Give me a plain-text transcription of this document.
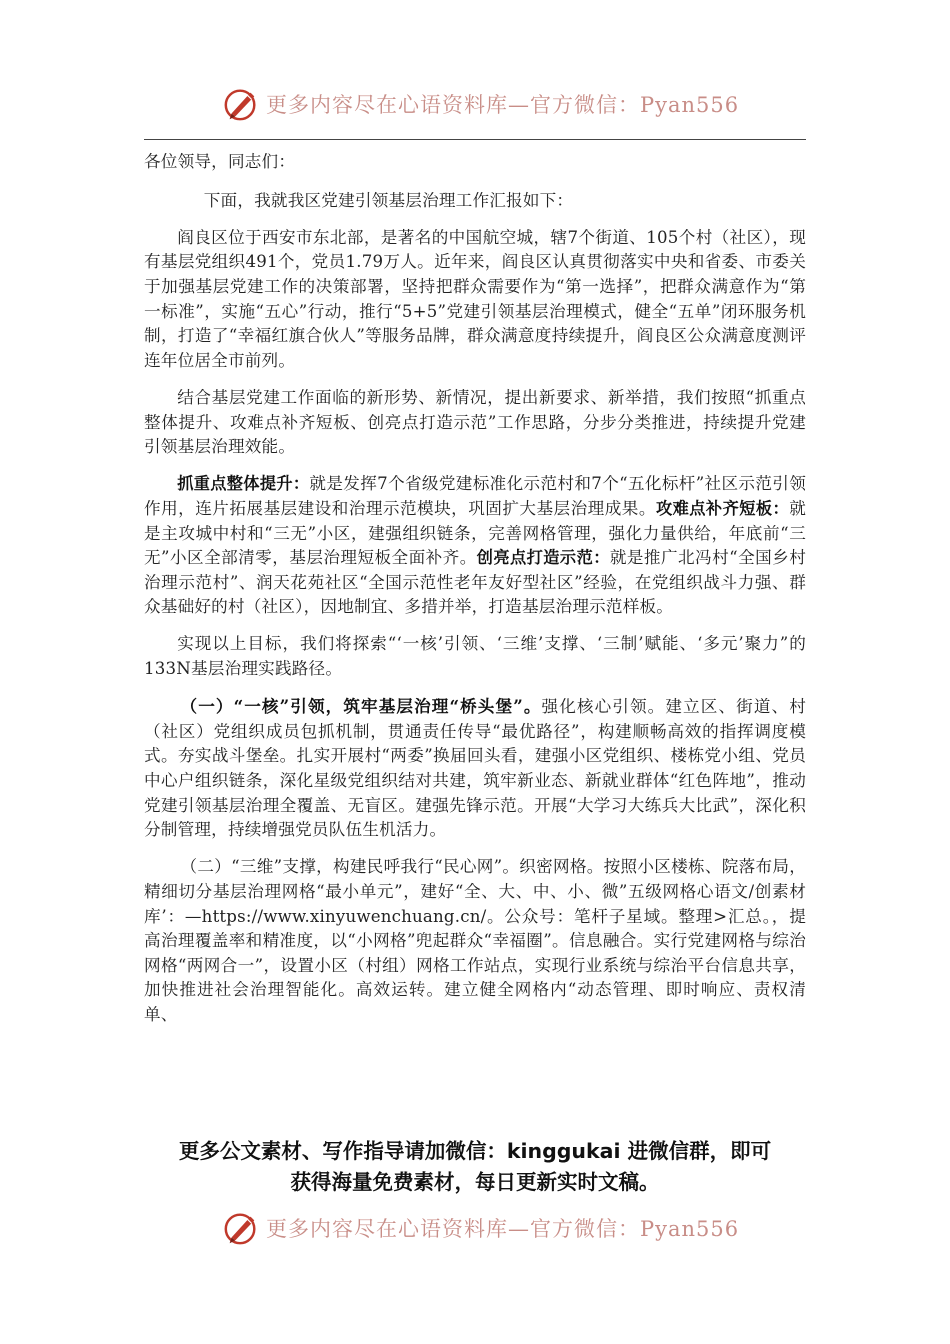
更多内容尽在心语资料库—官方微信：Pyan556

各位领导，同志们：

下面，我就我区党建引领基层治理工作汇报如下：

阎良区位于西安市东北部，是著名的中国航空城，辖7个街道、105个村（社区），现有基层党组织491个，党员1.79万人。近年来，阎良区认真贯彻落实中央和省委、市委关于加强基层党建工作的决策部署，坚持把群众需要作为“第一选择”，把群众满意作为“第一标准”，实施“五心”行动，推行“5+5”党建引领基层治理模式，健全“五单”闭环服务机制，打造了“幸福红旗合伙人”等服务品牌，群众满意度持续提升，阎良区公众满意度测评连年位居全市前列。

结合基层党建工作面临的新形势、新情况，提出新要求、新举措，我们按照“抓重点整体提升、攻难点补齐短板、创亮点打造示范”工作思路，分步分类推进，持续提升党建引领基层治理效能。

抓重点整体提升：就是发挥7个省级党建标准化示范村和7个“五化标杆”社区示范引领作用，连片拓展基层建设和治理示范模块，巩固扩大基层治理成果。攻难点补齐短板：就是主攻城中村和“三无”小区，建强组织链条，完善网格管理，强化力量供给，年底前“三无”小区全部清零，基层治理短板全面补齐。创亮点打造示范：就是推广北冯村“全国乡村治理示范村”、润天花苑社区“全国示范性老年友好型社区”经验，在党组织战斗力强、群众基础好的村（社区），因地制宜、多措并举，打造基层治理示范样板。

实现以上目标，我们将探索“‘一核’引领、‘三维’支撑、‘三制’赋能、‘多元’聚力”的133N基层治理实践路径。

（一）“一核”引领，筑牢基层治理“桥头堡”。强化核心引领。建立区、街道、村（社区）党组织成员包抓机制，贯通责任传导“最优路径”，构建顺畅高效的指挥调度模式。夯实战斗堡垒。扎实开展村“两委”换届回头看，建强小区党组织、楼栋党小组、党员中心户组织链条，深化星级党组织结对共建，筑牢新业态、新就业群体“红色阵地”，推动党建引领基层治理全覆盖、无盲区。建强先锋示范。开展“大学习大练兵大比武”，深化积分制管理，持续增强党员队伍生机活力。

（二）“三维”支撑，构建民呼我行“民心网”。织密网格。按照小区楼栋、院落布局，精细切分基层治理网格“最小单元”，建好“全、大、中、小、微”五级网格心语文/创素材库’：—https://www.xinyuwenchuang.cn/。公众号：笔杆子星域。整理>汇总。，提高治理覆盖率和精准度，以“小网格”兜起群众“幸福圈”。信息融合。实行党建网格与综治网格“两网合一”，设置小区（村组）网格工作站点，实现行业系统与综治平台信息共享，加快推进社会治理智能化。高效运转。建立健全网格内“动态管理、即时响应、责权清单、

更多公文素材、写作指导请加微信：kinggukai 进微信群，即可
获得海量免费素材，每日更新实时文稿。
更多内容尽在心语资料库—官方微信：Pyan556
